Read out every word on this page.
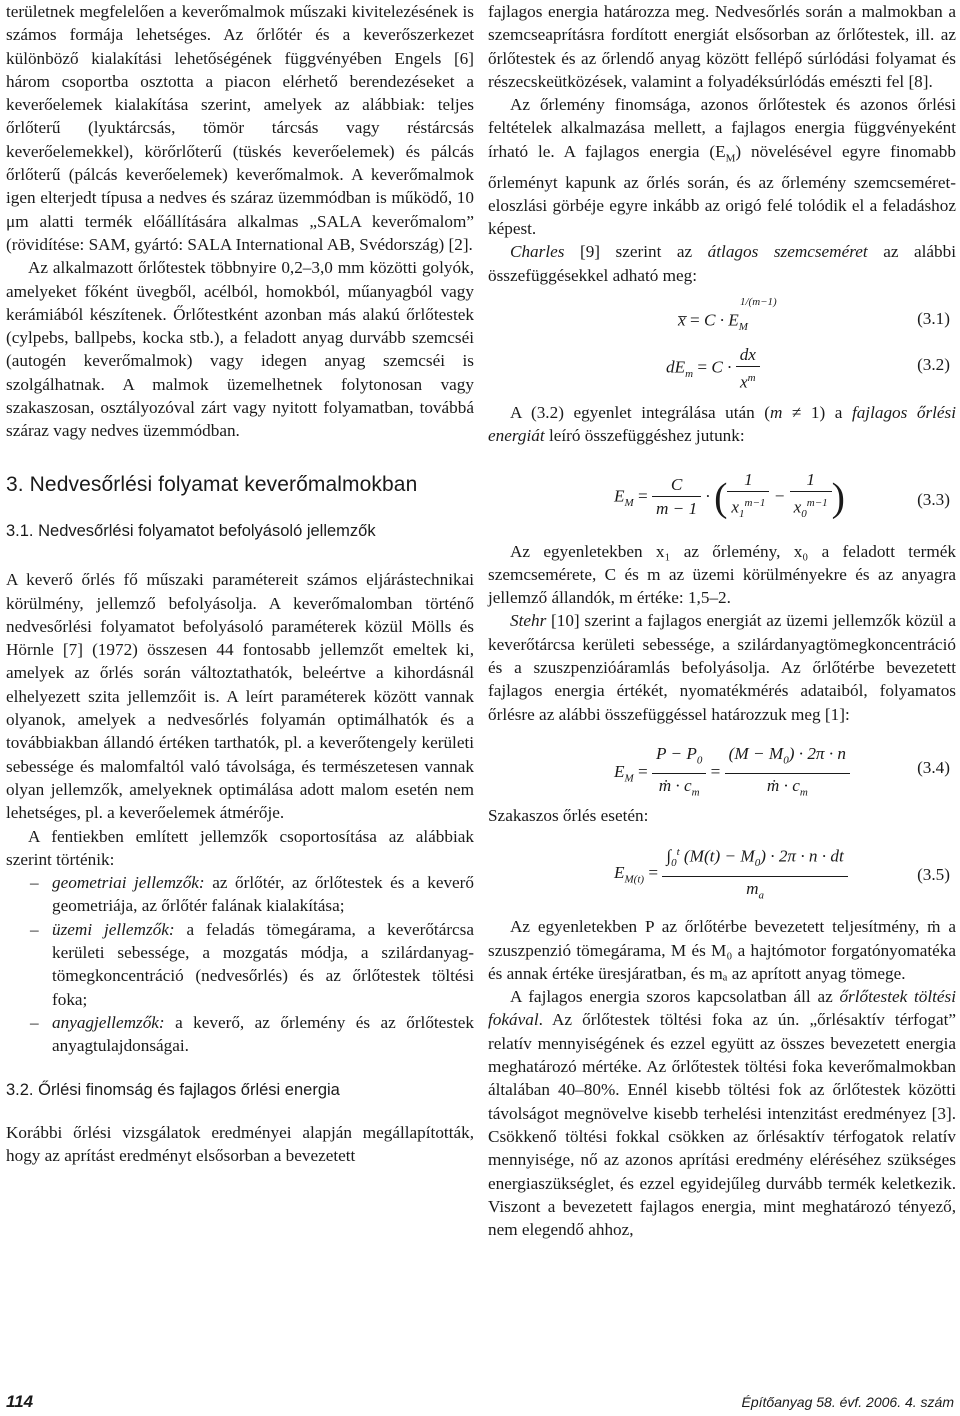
területnek megfelelően a keverőmalmok műszaki kivitelezésének is számos formája lehetséges. Az őrlőtér és a keverőszerkezet különböző kialakítási lehetőségének függvényében Engels [6] három csoportba osztotta a piacon elérhető berendezéseket a keverőelemek kialakítása szerint, amelyek az alábbiak: teljes őrlőterű (lyuktárcsás, tömör tárcsás vagy réstárcsás keverőelemekkel), körőrlőterű (tüskés keverőelemek) és pálcás őrlőterű (pálcás keverőelemek) keverőmalmok. A keverőmalmok igen elterjedt típusa a nedves és száraz üzemmódban is működő, 10 μm alatti termék előállítására alkalmas „SALA keverőmalom” (rövidítése: SAM, gyártó: SALA International AB, Svédország) [2].

Az alkalmazott őrlőtestek többnyire 0,2–3,0 mm közötti golyók, amelyeket főként üvegből, acélból, homokból, műanyagból vagy kerámiából készítenek. Őrlőtestként azonban más alakú őrlőtestek (cylpebs, ballpebs, kocka stb.), a feladott anyag durvább szemcséi (autogén keverőmalmok) vagy idegen anyag szemcséi is szolgálhatnak. A malmok üzemelhetnek folytonosan vagy szakaszosan, osztályozóval zárt vagy nyitott folyamatban, továbbá száraz vagy nedves üzemmódban.

3. Nedvesőrlési folyamat keverőmalmokban
3.1. Nedvesőrlési folyamatot befolyásoló jellemzők

A keverő őrlés fő műszaki paramétereit számos eljárástechnikai körülmény, jellemző befolyásolja. A keverőmalomban történő nedvesőrlési folyamatot befolyásoló paraméterek közül Mölls és Hörnle [7] (1972) összesen 44 fontosabb jellemzőt emeltek ki, amelyek az őrlés során változtathatók, beleértve a kihordásnál elhelyezett szita jellemzőit is. A leírt paraméterek között vannak olyanok, amelyek a nedvesőrlés folyamán optimálhatók és a továbbiakban állandó értéken tarthatók, pl. a keverőtengely kerületi sebessége és malomfaltól való távolsága, és természetesen vannak olyan jellemzők, amelyeknek optimálása adott malom esetén nem lehetséges, pl. a keverőelemek átmérője.

A fentiekben említett jellemzők csoportosítása az alábbiak szerint történik:

– geometriai jellemzők: az őrlőtér, az őrlőtestek és a keverő geometriája, az őrlőtér falának kialakítása;
– üzemi jellemzők: a feladás tömegárama, a keverőtárcsa kerületi sebessége, a mozgatás módja, a szilárdanyag-tömegkoncentráció (nedvesőrlés) és az őrlőtestek töltési foka;
– anyagjellemzők: a keverő, az őrlemény és az őrlőtestek anyagtulajdonságai.
3.2. Őrlési finomság és fajlagos őrlési energia

Korábbi őrlési vizsgálatok eredményei alapján megállapították, hogy az aprítást eredményt elsősorban a bevezetett

fajlagos energia határozza meg. Nedvesőrlés során a malmokban a szemcseaprításra fordított energiát elsősorban az őrlőtestek, ill. az őrlőtestek és az őrlendő anyag között fellépő súrlódási folyamat és részecskeütközések, valamint a folyadéksúrlódás emészti fel [8].

Az őrlemény finomsága, azonos őrlőtestek és azonos őrlési feltételek alkalmazása mellett, a fajlagos energia függvényeként írható le. A fajlagos energia $(E_M)$ növelésével egyre finomabb őrleményt kapunk az őrlés során, és az őrlemény szemcseméret-eloszlási görbéje egyre inkább az origó felé tolódik el a feladáshoz képest.

Charles [9] szerint az átlagos szemcseméret az alábbi összefüggésekkel adható meg:

x̅ = $C \cdot E_M^{1/(m-1)}$
(3.1)
$dE_m = C \cdot \frac{dx}{x^m}$	(3.2)

A (3.2) egyenlet integrálása után (m ≠ 1) a fajlagos őrlési energiát leíró összefüggéshez jutunk:

$E_M = \frac{C}{m - 1}$ · ( $\frac{1}{x_1^{m-1}} - \frac{1}{x_0^{m-1}}$ )	(3.3)

Az egyenletekben x₁ az őrlemény, x₀ a feladott termék szemcsemérete, C és m az üzemi körülményekre és az anyagra jellemző állandók, m értéke: 1,5–2.

Stehr [10] szerint a fajlagos energiát az üzemi jellemzők közül a keverőtárcsa kerületi sebessége, a szilárdanyagtömegkoncentráció és a szuszpenzióáramlás befolyásolja. Az őrlőtérbe bevezetett fajlagos energia értékét, nyomatékmérés adataiból, folyamatos őrlésre az alábbi összefüggéssel határozzuk meg [1]:

$E_M = \frac{P - P_0}{ṁ \cdot c_m} = \frac{(M - M_0) \cdot 2\pi \cdot n}{ṁ \cdot c_m}$	(3.4)

Szakaszos őrlés esetén:

$E_{M(t)} = \frac{\int_0^t (M(t) - M_0) \cdot 2\pi \cdot n \cdot dt}{m_a}$	(3.5)

Az egyenletekben P az őrlőtérbe bevezetett teljesítmény, ṁ a szuszpenzió tömegárama, M és M₀ a hajtómotor forgatónyomatéka és annak értéke üresjáratban, és mₐ az aprított anyag tömege.

A fajlagos energia szoros kapcsolatban áll az őrlőtestek töltési fokával. Az őrlőtestek töltési foka az ún. „őrlésaktív térfogat” relatív mennyiségének és ezzel együtt az összes bevezetett energia meghatározó mértéke. Az őrlőtestek töltési foka keverőmalmokban általában 40–80%. Ennél kisebb töltési fok az őrlőtestek közötti távolságot megnövelve kisebb terhelési intenzitást eredményez [3]. Csökkenő töltési fokkal csökken az őrlésaktív térfogatok relatív mennyisége, nő az azonos aprítási eredmény eléréséhez szükséges energiaszükséglet, és ezzel egyidejűleg durvább termék keletkezik. Viszont a bevezetett fajlagos energia, mint meghatározó tényező, nem elegendő ahhoz,

114	Építőanyag 58. évf. 2006. 4. szám
